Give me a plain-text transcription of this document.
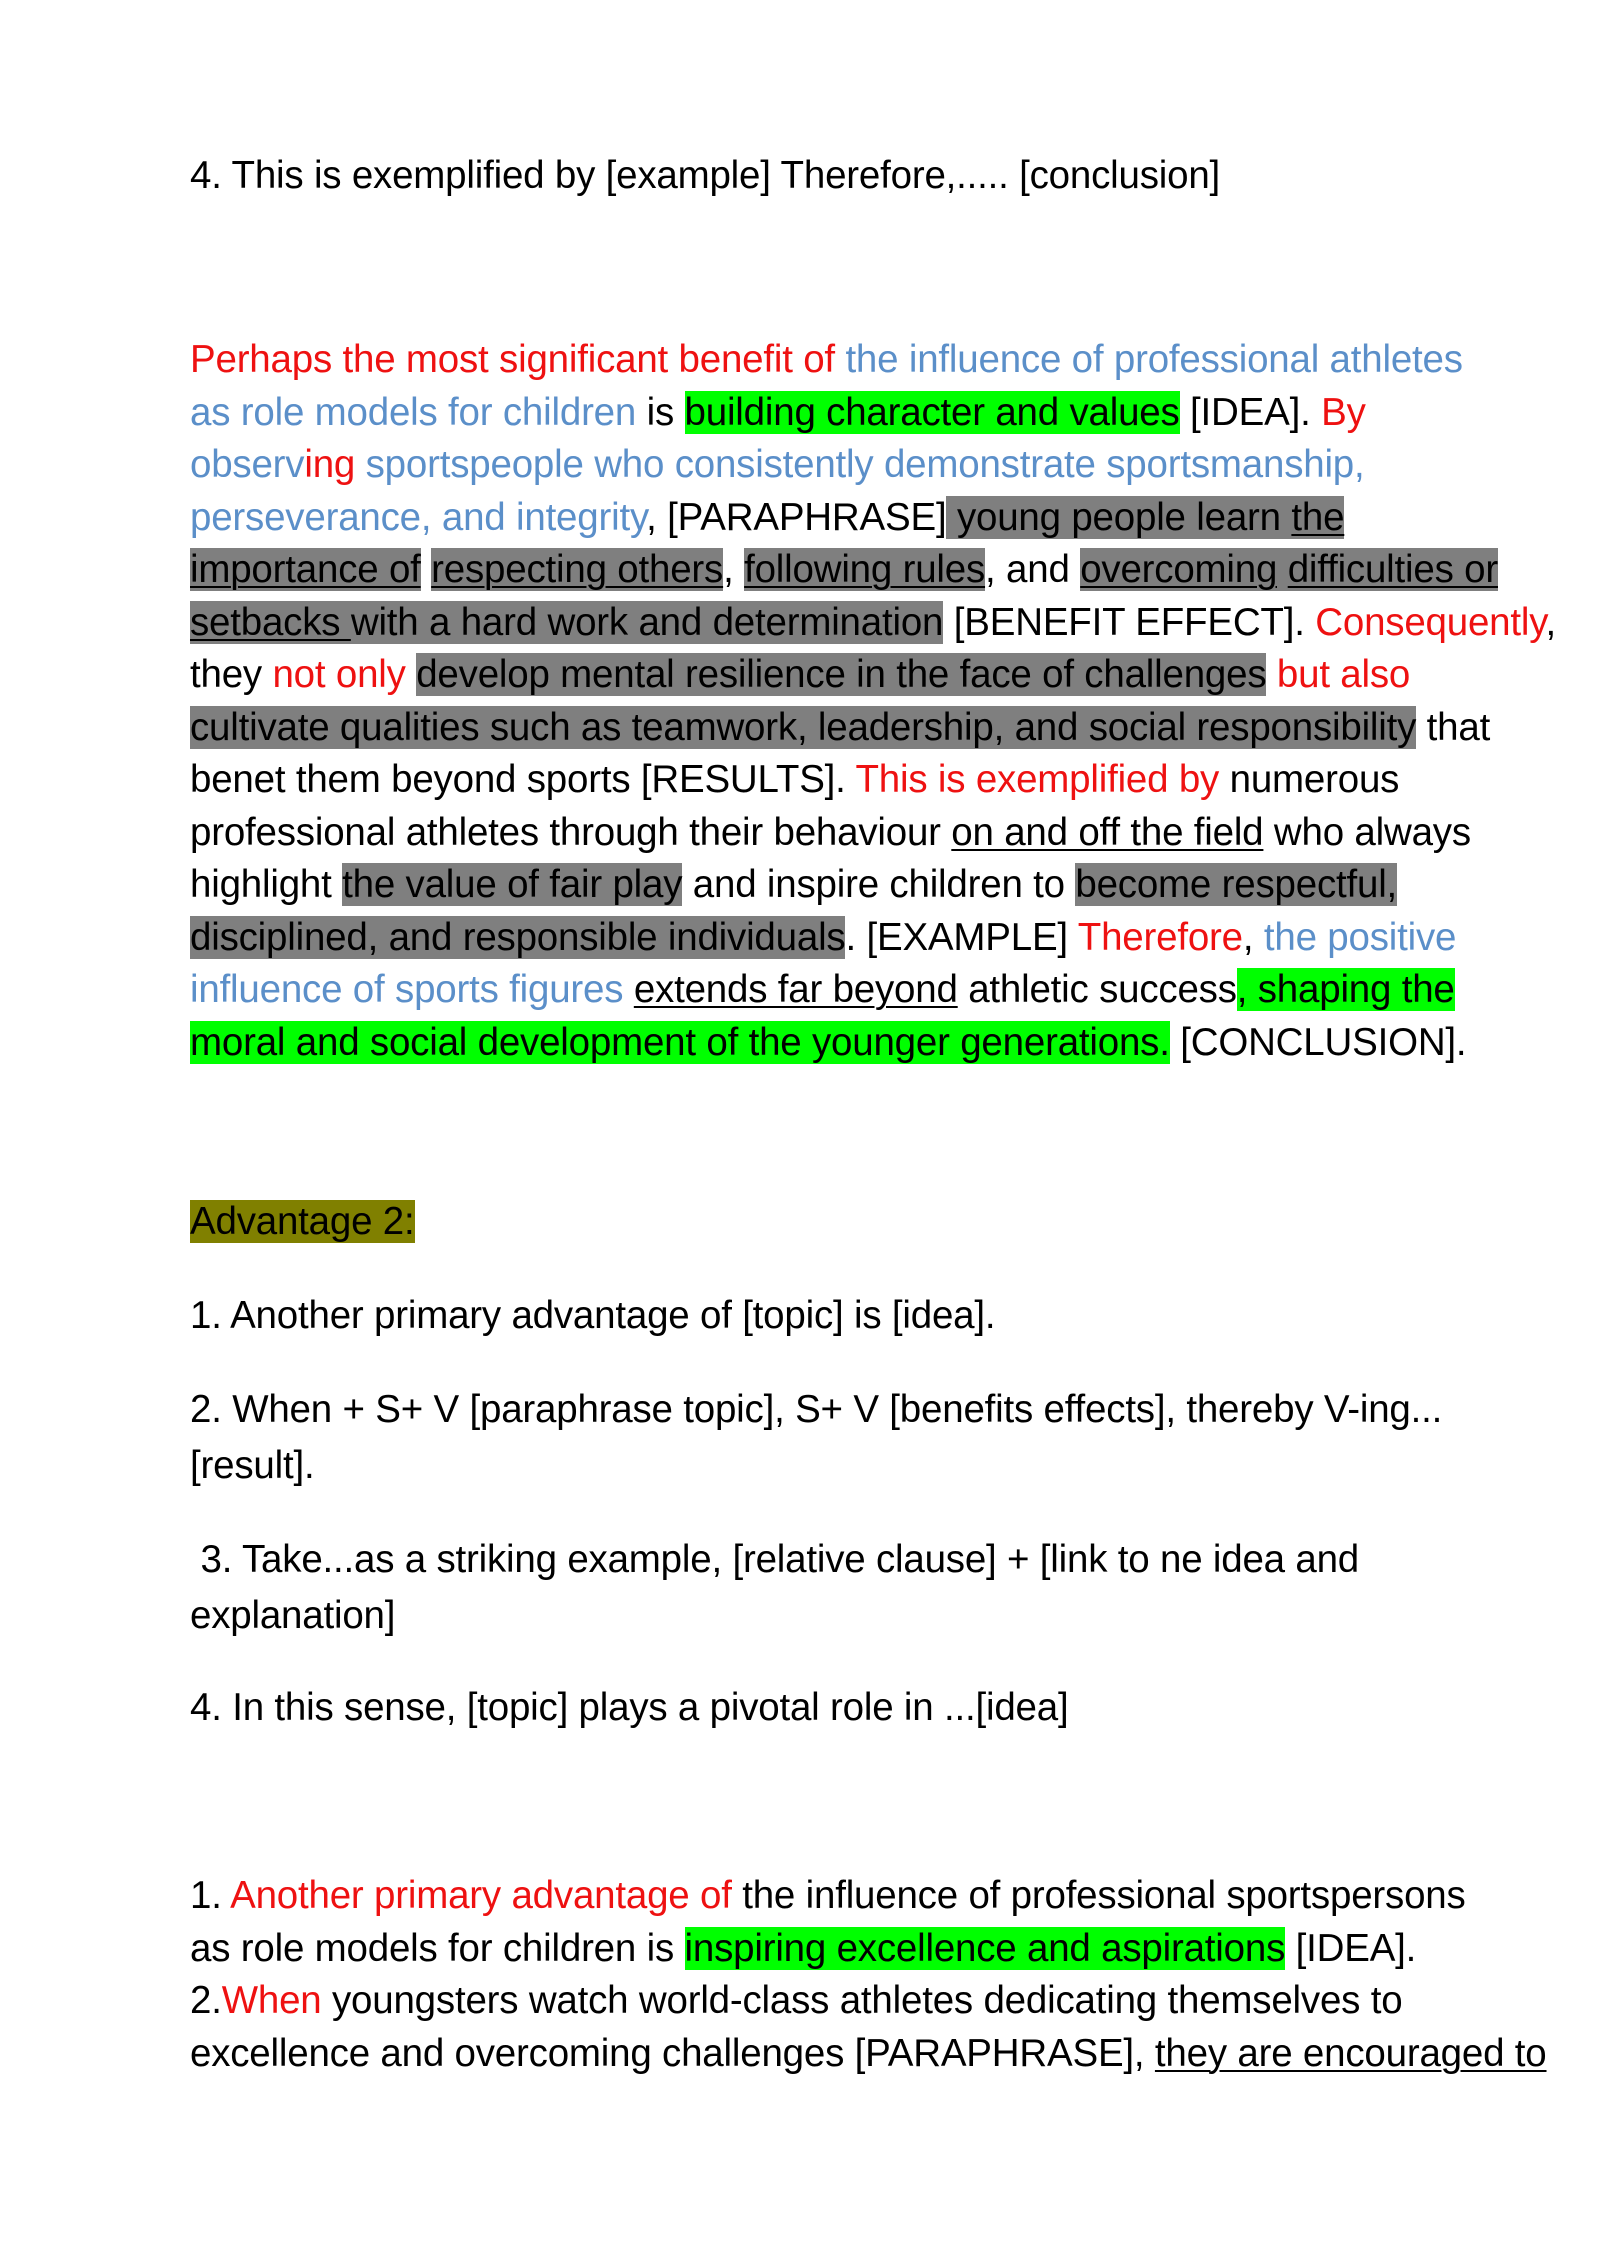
4. This is exemplified by [example] Therefore,..... [conclusion]
Perhaps the most significant benefit of the influence of professional athletes
as role models for children is building character and values [IDEA]. By
observing sportspeople who consistently demonstrate sportsmanship,
perseverance, and integrity, [PARAPHRASE] young people learn the
importance of respecting others, following rules, and overcoming difficulties or
setbacks with a hard work and determination [BENEFIT EFFECT]. Consequently,
they not only develop mental resilience in the face of challenges but also
cultivate qualities such as teamwork, leadership, and social responsibility that
benet them beyond sports [RESULTS]. This is exemplified by numerous
professional athletes through their behaviour on and off the field who always
highlight the value of fair play and inspire children to become respectful,
disciplined, and responsible individuals. [EXAMPLE] Therefore, the positive
influence of sports figures extends far beyond athletic success, shaping the
moral and social development of the younger generations. [CONCLUSION].
Advantage 2:
1. Another primary advantage of [topic] is [idea].
2. When + S+ V [paraphrase topic], S+ V [benefits effects], thereby V-ing...
[result].
3. Take...as a striking example, [relative clause] + [link to ne idea and
explanation]
4. In this sense, [topic] plays a pivotal role in ...[idea]
1. Another primary advantage of the influence of professional sportspersons
as role models for children is inspiring excellence and aspirations [IDEA].
2.When youngsters watch world-class athletes dedicating themselves to
excellence and overcoming challenges [PARAPHRASE], they are encouraged to
